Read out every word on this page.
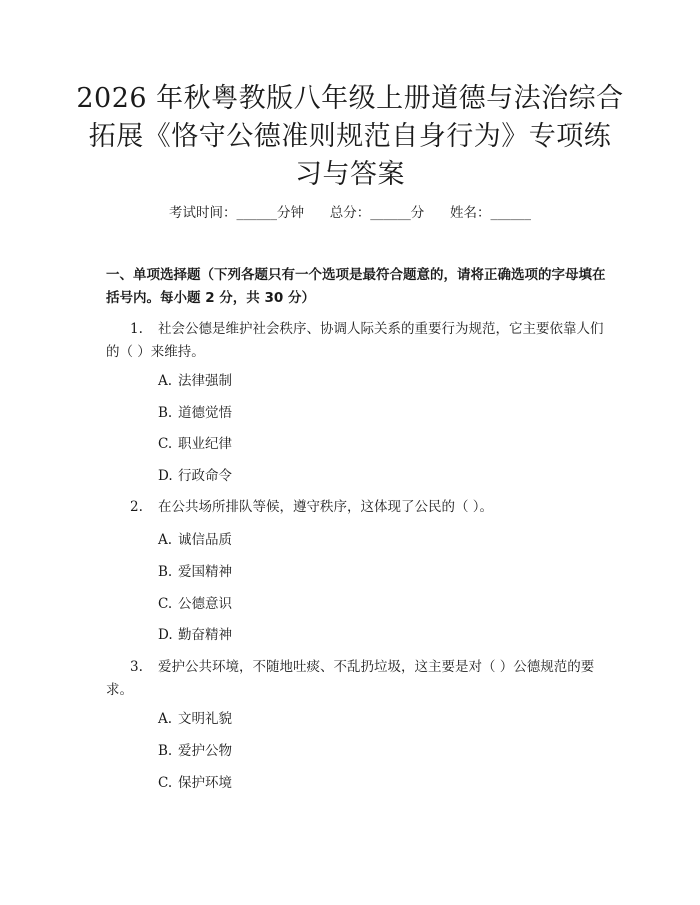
2026 年秋粤教版八年级上册道德与法治综合
拓展《恪守公德准则规范自身行为》专项练
习与答案
考试时间：______分钟      总分：______分      姓名：______
一、单项选择题（下列各题只有一个选项是最符合题意的，请将正确选项的字母填在括号内。每小题 2 分，共 30 分）
1. 社会公德是维护社会秩序、协调人际关系的重要行为规范，它主要依靠人们的（ ）来维持。
A. 法律强制
B. 道德觉悟
C. 职业纪律
D. 行政命令
2. 在公共场所排队等候，遵守秩序，这体现了公民的（ ）。
A. 诚信品质
B. 爱国精神
C. 公德意识
D. 勤奋精神
3. 爱护公共环境，不随地吐痰、不乱扔垃圾，这主要是对（ ）公德规范的要求。
A. 文明礼貌
B. 爱护公物
C. 保护环境
